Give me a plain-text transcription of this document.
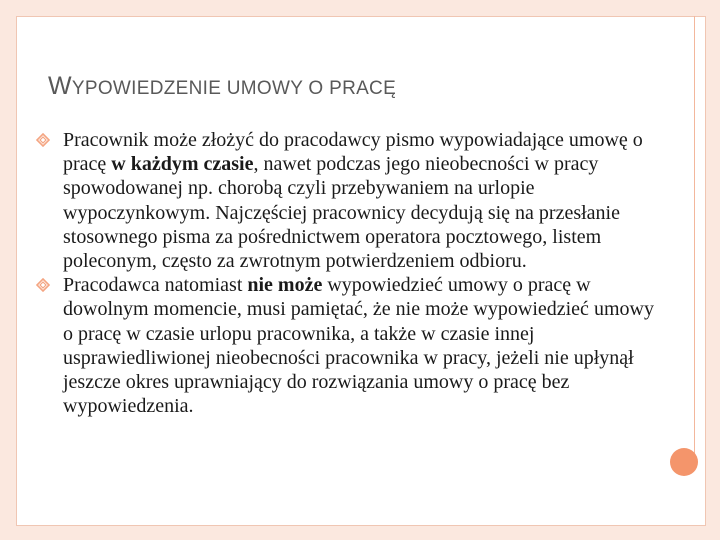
WYPOWIEDZENIE UMOWY O PRACĘ
Pracownik może złożyć do pracodawcy pismo wypowiadające umowę o pracę w każdym czasie, nawet podczas jego nieobecności w pracy spowodowanej np. chorobą czyli przebywaniem na urlopie wypoczynkowym. Najczęściej pracownicy decydują się na przesłanie stosownego pisma za pośrednictwem operatora pocztowego, listem poleconym, często za zwrotnym potwierdzeniem odbioru.
Pracodawca natomiast nie może wypowiedzieć umowy o pracę w dowolnym momencie, musi pamiętać, że nie może wypowiedzieć umowy o pracę w czasie urlopu pracownika, a także w czasie innej usprawiedliwionej nieobecności pracownika w pracy, jeżeli nie upłynął jeszcze okres uprawniający do rozwiązania umowy o pracę bez wypowiedzenia.
